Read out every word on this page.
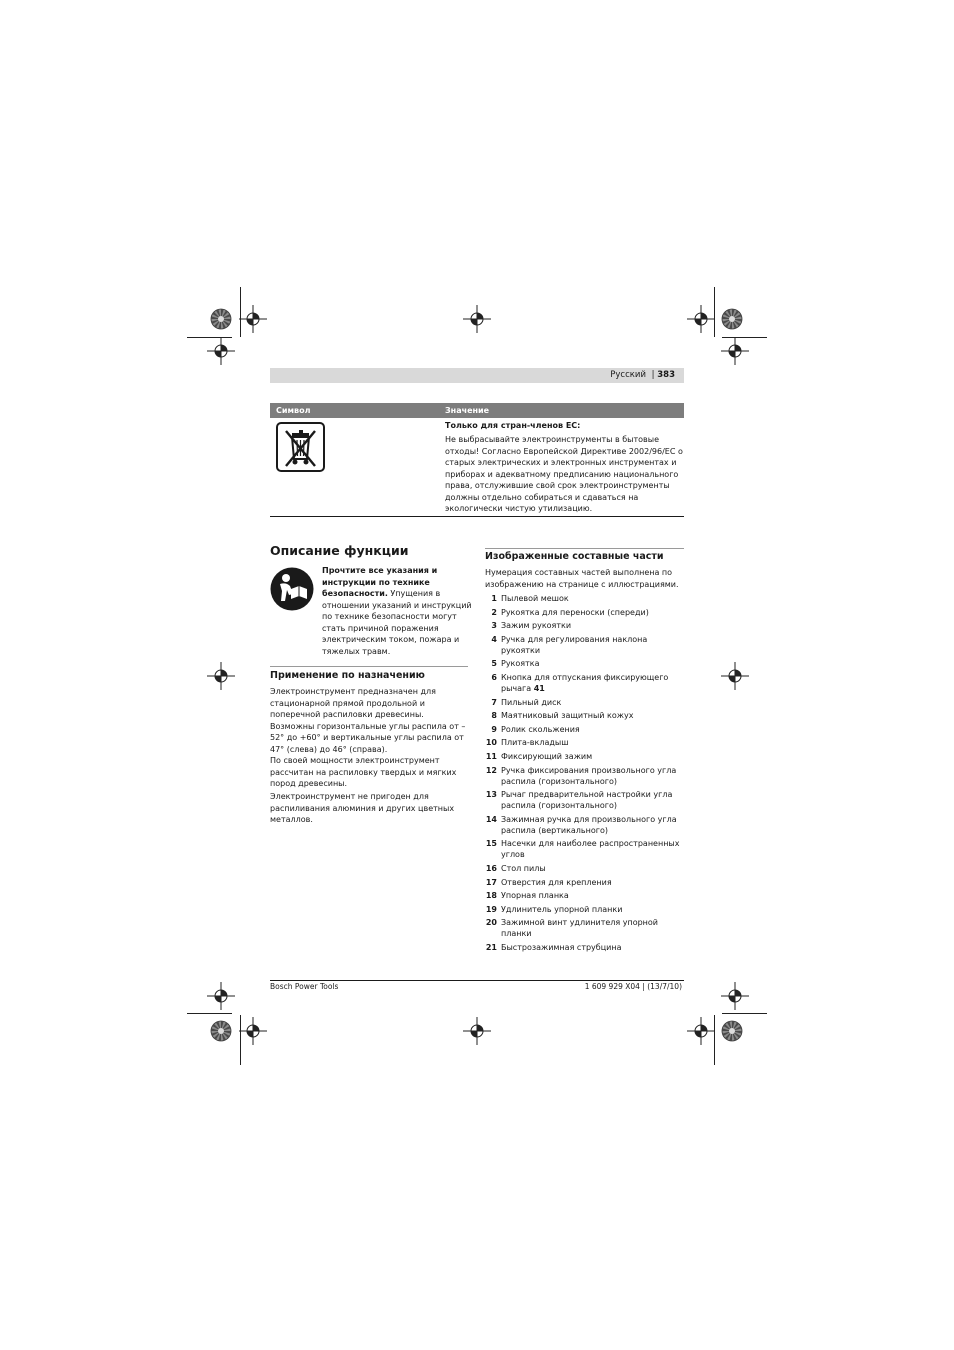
Русский | 383
Символ	Значение
Только для стран-членов ЕС:
Не выбрасывайте электроинструменты в бытовые отходы! Согласно Европейской Директиве 2002/96/EC о старых электрических и электронных инструментах и приборах и адекватному предписанию национального права, отслужившие свой срок электроинструменты должны отдельно собираться и сдаваться на экологически чистую утилизацию.
Описание функции
Прочтите все указания и инструкции по технике безопасности. Упущения в отношении указаний и инструкций по технике безопасности могут стать причиной поражения электрическим током, пожара и тяжелых травм.
Применение по назначению
Электроинструмент предназначен для стационарной прямой продольной и поперечной распиловки древесины. Возможны горизонтальные углы распила от –52° до +60° и вертикальные углы распила от 47° (слева) до 46° (справа).
По своей мощности электроинструмент рассчитан на распиловку твердых и мягких пород древесины.
Электроинструмент не пригоден для распиливания алюминия и других цветных металлов.
Изображенные составные части
Нумерация составных частей выполнена по изображению на странице с иллюстрациями.
1 Пылевой мешок
2 Рукоятка для переноски (спереди)
3 Зажим рукоятки
4 Ручка для регулирования наклона рукоятки
5 Рукоятка
6 Кнопка для отпускания фиксирующего рычага 41
7 Пильный диск
8 Маятниковый защитный кожух
9 Ролик скольжения
10 Плита-вкладыш
11 Фиксирующий зажим
12 Ручка фиксирования произвольного угла распила (горизонтального)
13 Рычаг предварительной настройки угла распила (горизонтального)
14 Зажимная ручка для произвольного угла распила (вертикального)
15 Насечки для наиболее распространенных углов
16 Стол пилы
17 Отверстия для крепления
18 Упорная планка
19 Удлинитель упорной планки
20 Зажимной винт удлинителя упорной планки
21 Быстрозажимная струбцина
Bosch Power Tools	1 609 929 X04 | (13/7/10)
